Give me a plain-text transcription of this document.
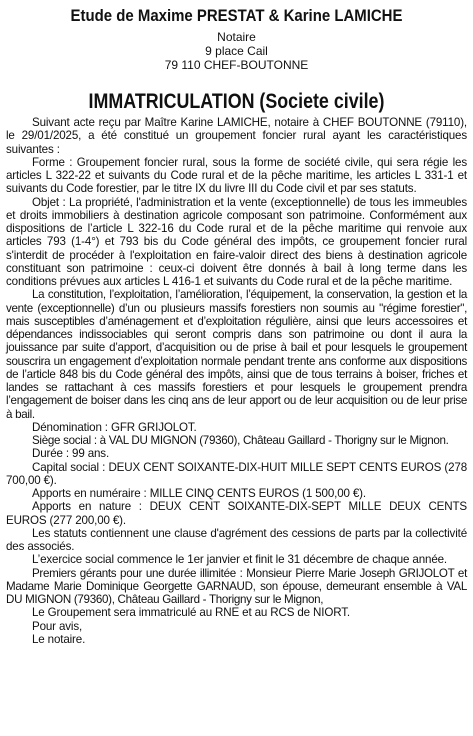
Etude de Maxime PRESTAT & Karine LAMICHE
Notaire
9 place Cail
79 110 CHEF-BOUTONNE
IMMATRICULATION (Societe civile)

Suivant acte reçu par Maître Karine LAMICHE, notaire à CHEF BOUTONNE (79110), le 29/01/2025, a été constitué un groupement foncier rural ayant les caractéristiques suivantes :

Forme : Groupement foncier rural, sous la forme de société civile, qui sera régie les articles L 322-22 et suivants du Code rural et de la pêche maritime, les articles L 331-1 et suivants du Code forestier, par le titre IX du livre III du Code civil et par ses statuts.

Objet : La propriété, l'administration et la vente (exceptionnelle) de tous les immeubles et droits immobiliers à destination agricole composant son patrimoine. Conformément aux dispositions de l’article L 322-16 du Code rural et de la pêche maritime qui renvoie aux articles 793 (1-4°) et 793 bis du Code général des impôts, ce groupement foncier rural s'interdit de procéder à l'exploitation en faire-valoir direct des biens à destination agricole constituant son patrimoine : ceux-ci doivent être donnés à bail à long terme dans les conditions prévues aux articles L 416-1 et suivants du Code rural et de la pêche maritime.

La constitution, l’exploitation, l’amélioration, l’équipement, la conservation, la gestion et la vente (exceptionnelle) d’un ou plusieurs massifs forestiers non soumis au "régime forestier", mais susceptibles d’aménagement et d’exploitation régulière, ainsi que leurs accessoires et dépendances indissociables qui seront compris dans son patrimoine ou dont il aura la jouissance par suite d’apport, d’acquisition ou de prise à bail et pour lesquels le groupement souscrira un engagement d’exploitation normale pendant trente ans conforme aux dispositions de l’article 848 bis du Code général des impôts, ainsi que de tous terrains à boiser, friches et landes se rattachant à ces massifs forestiers et pour lesquels le groupement prendra l’engagement de boiser dans les cinq ans de leur apport ou de leur acquisition ou de leur prise à bail.

Dénomination : GFR GRIJOLOT.

Siège social : à VAL DU MIGNON (79360), Château Gaillard - Thorigny sur le Mignon.

Durée : 99 ans.

Capital social : DEUX CENT SOIXANTE-DIX-HUIT MILLE SEPT CENTS EUROS (278 700,00 €).

Apports en numéraire : MILLE CINQ CENTS EUROS (1 500,00 €).

Apports en nature : DEUX CENT SOIXANTE-DIX-SEPT MILLE DEUX CENTS EUROS (277 200,00 €).

Les statuts contiennent une clause d'agrément des cessions de parts par la collectivité des associés.

L’exercice social commence le 1er janvier et finit le 31 décembre de chaque année.

Premiers gérants pour une durée illimitée : Monsieur Pierre Marie Joseph GRIJOLOT et Madame Marie Dominique Georgette GARNAUD, son épouse, demeurant ensemble à VAL DU MIGNON (79360), Château Gaillard - Thorigny sur le Mignon,

Le Groupement sera immatriculé au RNE et au RCS de NIORT.

Pour avis,

Le notaire.
